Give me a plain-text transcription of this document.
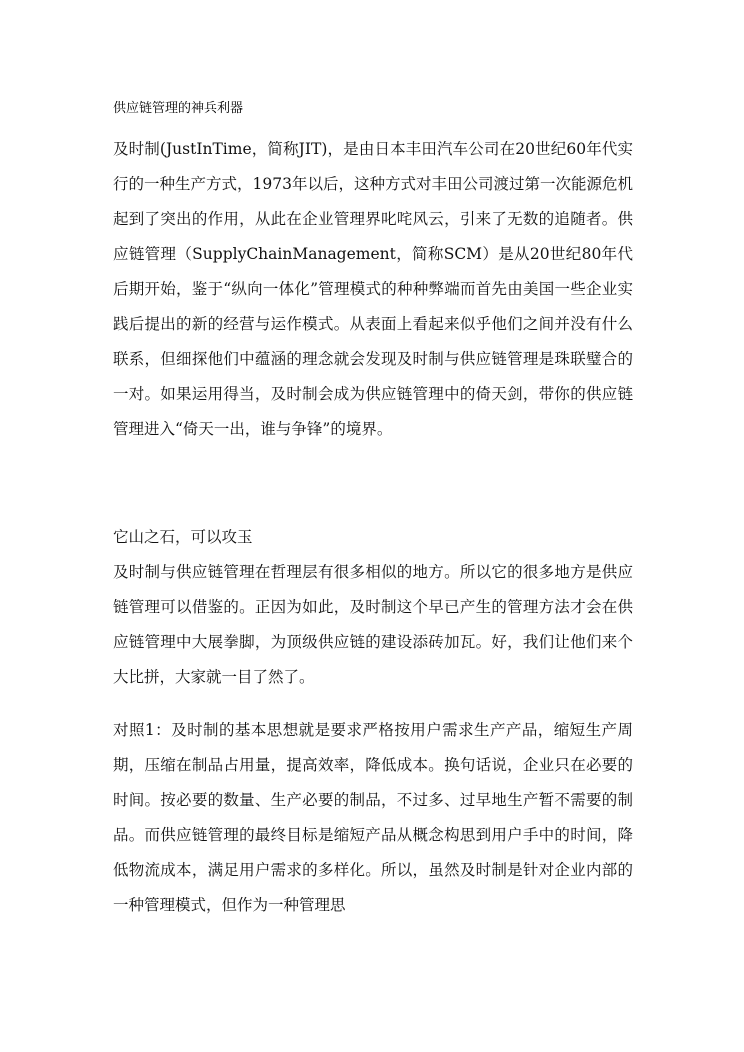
供应链管理的神兵利器

及时制(JustInTime，简称JIT)，是由日本丰田汽车公司在20世纪60年代实行的一种生产方式，1973年以后，这种方式对丰田公司渡过第一次能源危机起到了突出的作用，从此在企业管理界叱咤风云，引来了无数的追随者。供应链管理（SupplyChainManagement，简称SCM）是从20世纪80年代后期开始，鉴于“纵向一体化”管理模式的种种弊端而首先由美国一些企业实践后提出的新的经营与运作模式。从表面上看起来似乎他们之间并没有什么联系，但细探他们中蕴涵的理念就会发现及时制与供应链管理是珠联璧合的一对。如果运用得当，及时制会成为供应链管理中的倚天剑，带你的供应链管理进入“倚天一出，谁与争锋”的境界。

它山之石，可以攻玉

及时制与供应链管理在哲理层有很多相似的地方。所以它的很多地方是供应链管理可以借鉴的。正因为如此，及时制这个早已产生的管理方法才会在供应链管理中大展拳脚，为顶级供应链的建设添砖加瓦。好，我们让他们来个大比拼，大家就一目了然了。

对照1：及时制的基本思想就是要求严格按用户需求生产产品，缩短生产周期，压缩在制品占用量，提高效率，降低成本。换句话说，企业只在必要的时间。按必要的数量、生产必要的制品，不过多、过早地生产暂不需要的制品。而供应链管理的最终目标是缩短产品从概念构思到用户手中的时间，降低物流成本，满足用户需求的多样化。所以，虽然及时制是针对企业内部的一种管理模式，但作为一种管理思
